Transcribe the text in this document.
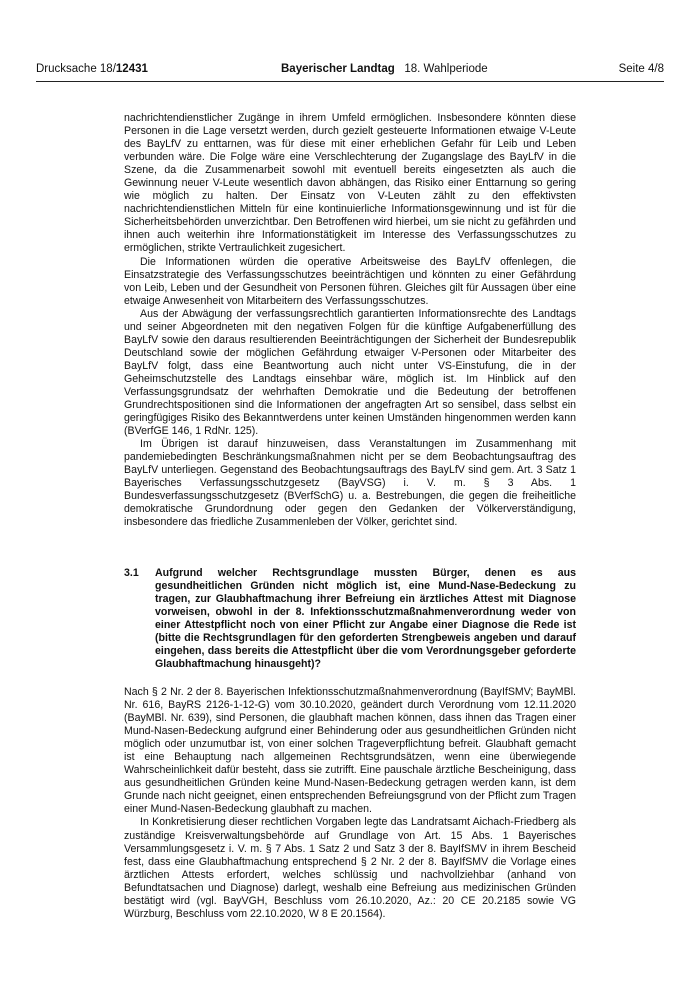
Drucksache 18/12431	Bayerischer Landtag 18. Wahlperiode	Seite 4/8

nachrichtendienstlicher Zugänge in ihrem Umfeld ermöglichen. Insbesondere könnten diese Personen in die Lage versetzt werden, durch gezielt gesteuerte Informationen etwaige V-Leute des BayLfV zu enttarnen, was für diese mit einer erheblichen Gefahr für Leib und Leben verbunden wäre. Die Folge wäre eine Verschlechterung der Zugangslage des BayLfV in die Szene, da die Zusammenarbeit sowohl mit eventuell bereits eingesetzten als auch die Gewinnung neuer V-Leute wesentlich davon abhängen, das Risiko einer Enttarnung so gering wie möglich zu halten. Der Einsatz von V-Leuten zählt zu den effektivsten nachrichtendienstlichen Mitteln für eine kontinuierliche Informationsgewinnung und ist für die Sicherheitsbehörden unverzichtbar. Den Betroffenen wird hierbei, um sie nicht zu gefährden und ihnen auch weiterhin ihre Informationstätigkeit im Interesse des Verfassungsschutzes zu ermöglichen, strikte Vertraulichkeit zugesichert.

Die Informationen würden die operative Arbeitsweise des BayLfV offenlegen, die Einsatzstrategie des Verfassungsschutzes beeinträchtigen und könnten zu einer Gefährdung von Leib, Leben und der Gesundheit von Personen führen. Gleiches gilt für Aussagen über eine etwaige Anwesenheit von Mitarbeitern des Verfassungsschutzes.

Aus der Abwägung der verfassungsrechtlich garantierten Informationsrechte des Landtags und seiner Abgeordneten mit den negativen Folgen für die künftige Aufgabenerfüllung des BayLfV sowie den daraus resultierenden Beeinträchtigungen der Sicherheit der Bundesrepublik Deutschland sowie der möglichen Gefährdung etwaiger V-Personen oder Mitarbeiter des BayLfV folgt, dass eine Beantwortung auch nicht unter VS-Einstufung, die in der Geheimschutzstelle des Landtags einsehbar wäre, möglich ist. Im Hinblick auf den Verfassungsgrundsatz der wehrhaften Demokratie und die Bedeutung der betroffenen Grundrechtspositionen sind die Informationen der angefragten Art so sensibel, dass selbst ein geringfügiges Risiko des Bekanntwerdens unter keinen Umständen hingenommen werden kann (BVerfGE 146, 1 RdNr. 125).

Im Übrigen ist darauf hinzuweisen, dass Veranstaltungen im Zusammenhang mit pandemiebedingten Beschränkungsmaßnahmen nicht per se dem Beobachtungsauftrag des BayLfV unterliegen. Gegenstand des Beobachtungsauftrags des BayLfV sind gem. Art. 3 Satz 1 Bayerisches Verfassungsschutzgesetz (BayVSG) i. V. m. § 3 Abs. 1 Bundesverfassungsschutzgesetz (BVerfSchG) u. a. Bestrebungen, die gegen die freiheitliche demokratische Grundordnung oder gegen den Gedanken der Völkerverständigung, insbesondere das friedliche Zusammenleben der Völker, gerichtet sind.

3.1	Aufgrund welcher Rechtsgrundlage mussten Bürger, denen es aus gesundheitlichen Gründen nicht möglich ist, eine Mund-Nase-Bedeckung zu tragen, zur Glaubhaftmachung ihrer Befreiung ein ärztliches Attest mit Diagnose vorweisen, obwohl in der 8. Infektionsschutzmaßnahmenverordnung weder von einer Attestpflicht noch von einer Pflicht zur Angabe einer Diagnose die Rede ist (bitte die Rechtsgrundlagen für den geforderten Strengbeweis angeben und darauf eingehen, dass bereits die Attestpflicht über die vom Verordnungsgeber geforderte Glaubhaftmachung hinausgeht)?

Nach § 2 Nr. 2 der 8. Bayerischen Infektionsschutzmaßnahmenverordnung (BayIfSMV; BayMBl. Nr. 616, BayRS 2126-1-12-G) vom 30.10.2020, geändert durch Verordnung vom 12.11.2020 (BayMBl. Nr. 639), sind Personen, die glaubhaft machen können, dass ihnen das Tragen einer Mund-Nasen-Bedeckung aufgrund einer Behinderung oder aus gesundheitlichen Gründen nicht möglich oder unzumutbar ist, von einer solchen Trageverpflichtung befreit. Glaubhaft gemacht ist eine Behauptung nach allgemeinen Rechtsgrundsätzen, wenn eine überwiegende Wahrscheinlichkeit dafür besteht, dass sie zutrifft. Eine pauschale ärztliche Bescheinigung, dass aus gesundheitlichen Gründen keine Mund-Nasen-Bedeckung getragen werden kann, ist dem Grunde nach nicht geeignet, einen entsprechenden Befreiungsgrund von der Pflicht zum Tragen einer Mund-Nasen-Bedeckung glaubhaft zu machen.

In Konkretisierung dieser rechtlichen Vorgaben legte das Landratsamt Aichach-Friedberg als zuständige Kreisverwaltungsbehörde auf Grundlage von Art. 15 Abs. 1 Bayerisches Versammlungsgesetz i. V. m. § 7 Abs. 1 Satz 2 und Satz 3 der 8. BayIfSMV in ihrem Bescheid fest, dass eine Glaubhaftmachung entsprechend § 2 Nr. 2 der 8. BayIfSMV die Vorlage eines ärztlichen Attests erfordert, welches schlüssig und nachvollziehbar (anhand von Befundtatsachen und Diagnose) darlegt, weshalb eine Befreiung aus medizinischen Gründen bestätigt wird (vgl. BayVGH, Beschluss vom 26.10.2020, Az.: 20 CE 20.2185 sowie VG Würzburg, Beschluss vom 22.10.2020, W 8 E 20.1564).
